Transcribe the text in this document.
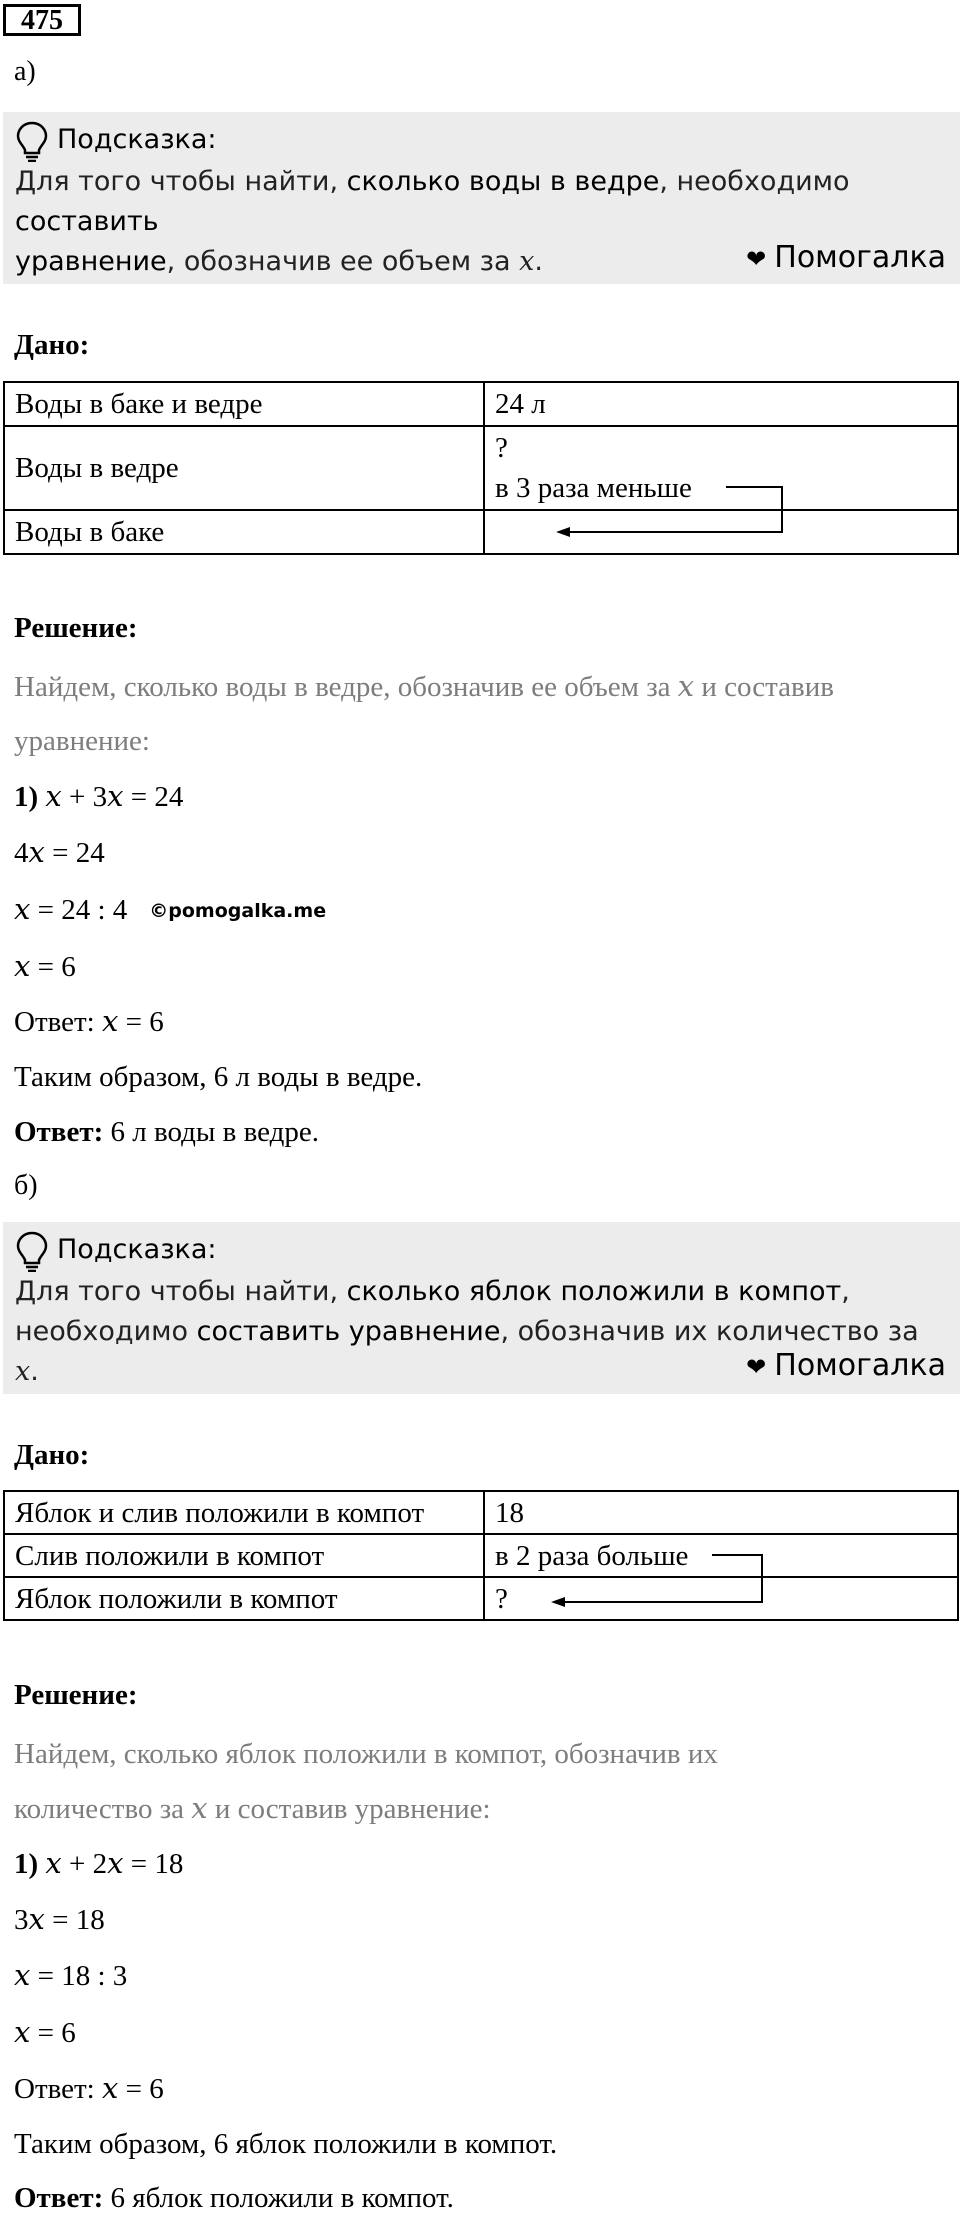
475
а)
Подсказка:
Для того чтобы найти, сколько воды в ведре, необходимо составить
уравнение, обозначив ее объем за x.	❤ Помогалка
Дано:
Воды в баке и ведре	24 л
Воды в ведре	?
в 3 раза меньше

Воды в баке	
Решение:
Найдем, сколько воды в ведре, обозначив ее объем за x и составив
уравнение:
1) x + 3x = 24
4x = 24
x = 24 : 4 ©pomogalka.me
x = 6
Ответ: x = 6
Таким образом, 6 л воды в ведре.
Ответ: 6 л воды в ведре.
б)
Подсказка:
Для того чтобы найти, сколько яблок положили в компот,
необходимо составить уравнение, обозначив их количество за x.	❤ Помогалка
Дано:
Яблок и слив положили в компот	18
Слив положили в компот	в 2 раза больше
Яблок положили в компот	?
Решение:
Найдем, сколько яблок положили в компот, обозначив их
количество за x и составив уравнение:
1) x + 2x = 18
3x = 18
x = 18 : 3
x = 6
Ответ: x = 6
Таким образом, 6 яблок положили в компот.
Ответ: 6 яблок положили в компот.
